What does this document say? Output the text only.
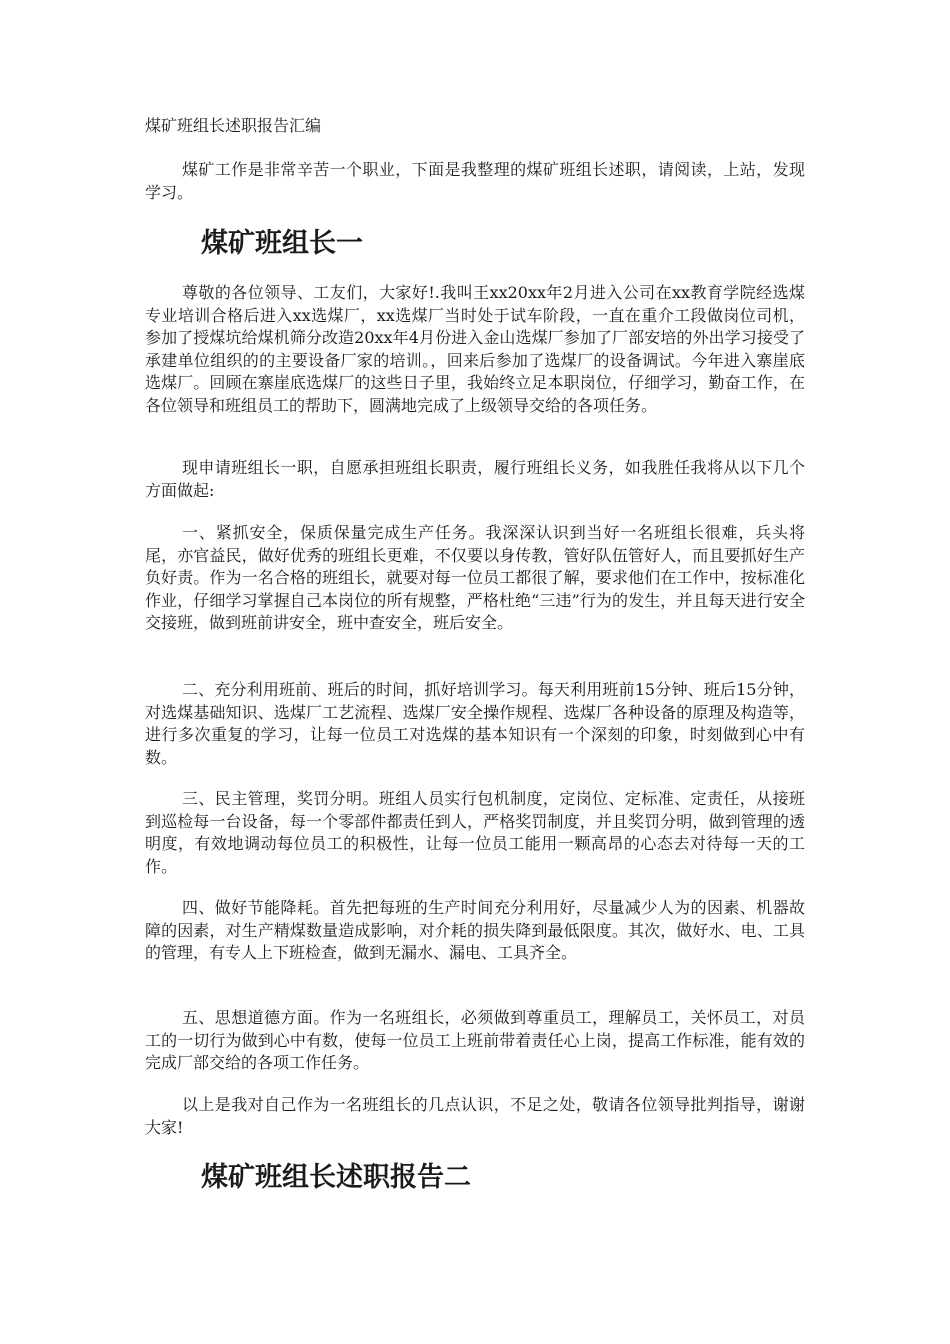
煤矿班组长述职报告汇编

煤矿工作是非常辛苦一个职业，下面是我整理的煤矿班组长述职，请阅读，上站，发现学习。

煤矿班组长一

尊敬的各位领导、工友们，大家好!.我叫王xx20xx年2月进入公司在xx教育学院经选煤专业培训合格后进入xx选煤厂，xx选煤厂当时处于试车阶段，一直在重介工段做岗位司机，参加了授煤坑给煤机筛分改造20xx年4月份进入金山选煤厂参加了厂部安培的外出学习接受了承建单位组织的的主要设备厂家的培训。，回来后参加了选煤厂的设备调试。今年进入寨崖底选煤厂。回顾在寨崖底选煤厂的这些日子里，我始终立足本职岗位，仔细学习，勤奋工作，在各位领导和班组员工的帮助下，圆满地完成了上级领导交给的各项任务。

现申请班组长一职，自愿承担班组长职责，履行班组长义务，如我胜任我将从以下几个方面做起:

一、紧抓安全，保质保量完成生产任务。我深深认识到当好一名班组长很难，兵头将尾，亦官益民，做好优秀的班组长更难，不仅要以身传教，管好队伍管好人，而且要抓好生产负好责。作为一名合格的班组长，就要对每一位员工都很了解，要求他们在工作中，按标准化作业，仔细学习掌握自己本岗位的所有规整，严格杜绝“三违”行为的发生，并且每天进行安全交接班，做到班前讲安全，班中查安全，班后安全。

二、充分利用班前、班后的时间，抓好培训学习。每天利用班前15分钟、班后15分钟，对选煤基础知识、选煤厂工艺流程、选煤厂安全操作规程、选煤厂各种设备的原理及构造等，进行多次重复的学习，让每一位员工对选煤的基本知识有一个深刻的印象，时刻做到心中有数。

三、民主管理，奖罚分明。班组人员实行包机制度，定岗位、定标准、定责任，从接班到巡检每一台设备，每一个零部件都责任到人，严格奖罚制度，并且奖罚分明，做到管理的透明度，有效地调动每位员工的积极性，让每一位员工能用一颗高昂的心态去对待每一天的工作。

四、做好节能降耗。首先把每班的生产时间充分利用好，尽量减少人为的因素、机器故障的因素，对生产精煤数量造成影响，对介耗的损失降到最低限度。其次，做好水、电、工具的管理，有专人上下班检查，做到无漏水、漏电、工具齐全。

五、思想道德方面。作为一名班组长，必须做到尊重员工，理解员工，关怀员工，对员工的一切行为做到心中有数，使每一位员工上班前带着责任心上岗，提高工作标准，能有效的完成厂部交给的各项工作任务。

以上是我对自己作为一名班组长的几点认识，不足之处，敬请各位领导批判指导，谢谢大家!

煤矿班组长述职报告二
